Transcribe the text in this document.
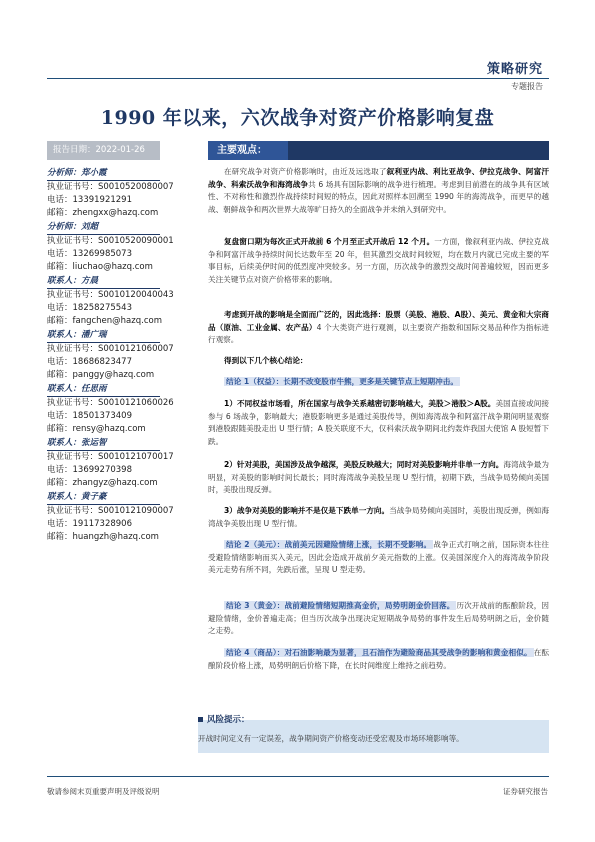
策略研究
专题报告
1990 年以来，六次战争对资产价格影响复盘
报告日期：2022-01-26	主要观点：
分析师：郑小霞
执业证书号：S0010520080007
电话：13391921291
邮箱：zhengxx@hazq.com
分析师：刘超
执业证书号：S0010520090001
电话：13269985073
邮箱：liuchao@hazq.com
联系人：方晨
执业证书号：S0010120040043
电话：18258275543
邮箱：fangchen@hazq.com
联系人：潘广瑞
执业证书号：S0010121060007
电话：18686823477
邮箱：panggy@hazq.com
联系人：任思雨
执业证书号：S0010121060026
电话：18501373409
邮箱：rensy@hazq.com
联系人：张运智
执业证书号：S0010121070017
电话：13699270398
邮箱：zhangyz@hazq.com
联系人：黄子豪
执业证书号：S0010121090007
电话：19117328906
邮箱：huangzh@hazq.com
在研究战争对资产价格影响时，由近及远选取了叙利亚内战、利比亚战争、伊拉克战争、阿富汗战争、科索沃战争和海湾战争共 6 场具有国际影响的战争进行梳理。考虑到目前潜在的战争具有区域性、不对称性和激烈作战持续时间短的特点，因此对照样本回溯至 1990 年的海湾战争，而更早的越战、朝鲜战争和两次世界大战等旷日持久的全面战争并未纳入到研究中。
复盘窗口期为每次正式开战前 6 个月至正式开战后 12 个月。一方面，像叙利亚内战、伊拉克战争和阿富汗战争持续时间长达数年至 20 年，但其激烈交战时间较短，均在数月内就已完成主要的军事目标，后续美伊时间的低烈度冲突较多。另一方面，历次战争的激烈交战时间普遍较短，因而更多关注关键节点对资产价格带来的影响。
考虑到开战的影响是全面而广泛的，因此选择：股票（美股、港股、A股）、美元、黄金和大宗商品（原油、工业金属、农产品）4 个大类资产进行观测，以主要资产指数和国际交易品种作为指标进行观察。
得到以下几个核心结论：
结论 1（权益）：长期不改变股市牛熊，更多是关键节点上短期冲击。
1）不同权益市场看，所在国家与战争关系越密切影响越大，美股＞港股＞A股。美国直接或间接参与 6 场战争，影响最大；港股影响更多是通过美股传导，例如海湾战争和阿富汗战争期间明显观察到港股跟随美股走出 U 型行情；A 股关联度不大，仅科索沃战争期间北约轰炸我国大使馆 A 股短暂下跌。
2）针对美股，美国涉及战争越深，美股反映越大；同时对美股影响并非单一方向。海湾战争最为明显，对美股的影响时间长最长；同时海湾战争美股呈现 U 型行情，初期下跌，当战争局势倾向美国时，美股出现反弹。
3）战争对美股的影响并不是仅是下跌单一方向。当战争局势倾向美国时，美股出现反弹，例如海湾战争美股出现 U 型行情。
结论 2（美元）：战前美元因避险情绪上涨，长期不受影响。 战争正式打响之前，国际资本往往受避险情绪影响而买入美元，因此会造成开战前夕美元指数的上涨。仅美国深度介入的海湾战争阶段美元走势有所不同，先跌后涨，呈现 U 型走势。
结论 3（黄金）：战前避险情绪短期推高金价，局势明朗金价回落。 历次开战前的酝酿阶段，因避险情绪，金价普遍走高；但当历次战争出现决定短期战争局势的事件发生后局势明朗之后，金价随之走势。
结论 4（商品）：对石油影响最为显著，且石油作为避险商品其受战争的影响和黄金相似。 在酝酿阶段价格上涨，局势明朗后价格下降，在长时间维度上维持之前趋势。
风险提示：
开战时间定义有一定误差，战争期间资产价格变动还受宏观及市场环境影响等。
敬请参阅末页重要声明及评级说明	证券研究报告
